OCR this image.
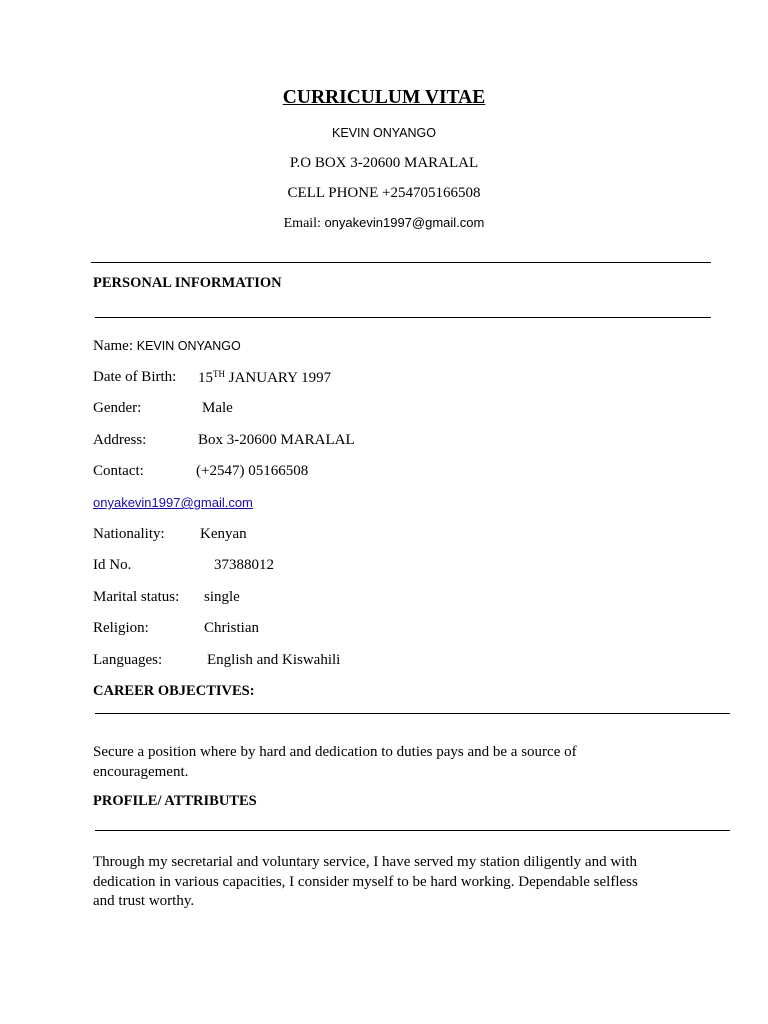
CURRICULUM VITAE
KEVIN ONYANGO
P.O BOX 3-20600 MARALAL
CELL PHONE +254705166508
Email: onyakevin1997@gmail.com
PERSONAL INFORMATION
Name: KEVIN ONYANGO
Date of Birth: 15TH JANUARY 1997
Gender:	Male
Address:	Box 3-20600 MARALAL
Contact:	(+2547) 05166508
onyakevin1997@gmail.com
Nationality: Kenyan
Id No.	37388012
Marital status: single
Religion:	Christian
Languages:	English and Kiswahili
CAREER OBJECTIVES:
Secure a position where by hard and dedication to duties pays and be a source of encouragement.
PROFILE/ ATTRIBUTES
Through my secretarial and voluntary service, I have served my station diligently and with dedication in various capacities, I consider myself to be hard working. Dependable selfless and trust worthy.
